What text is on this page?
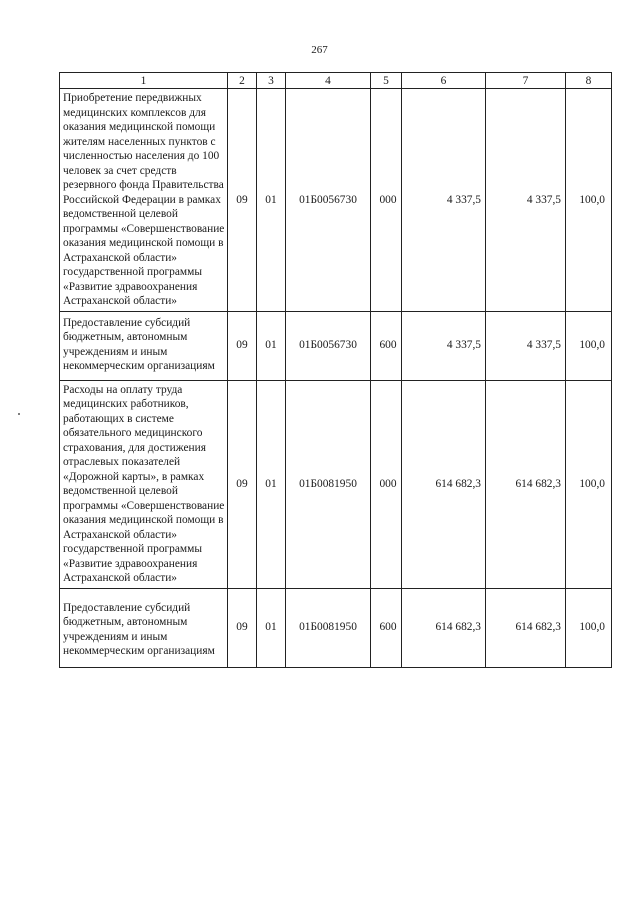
267
1	2	3	4	5	6	7	8
Приобретение передвижных медицинских комплексов для оказания медицинской помощи жителям населенных пунктов с численностью населения до 100 человек за счет средств резервного фонда Правительства Российской Федерации в рамках ведомственной целевой программы «Совершенствование оказания медицинской помощи в Астраханской области» государственной программы «Развитие здравоохранения Астраханской области»	09	01	01Б0056730	000	4 337,5	4 337,5	100,0
Предоставление субсидий бюджетным, автономным учреждениям и иным некоммерческим организациям	09	01	01Б0056730	600	4 337,5	4 337,5	100,0
Расходы на оплату труда медицинских работников, работающих в системе обязательного медицинского страхования, для достижения отраслевых показателей «Дорожной карты», в рамках ведомственной целевой программы «Совершенствование оказания медицинской помощи в Астраханской области» государственной программы «Развитие здравоохранения Астраханской области»	09	01	01Б0081950	000	614 682,3	614 682,3	100,0
Предоставление субсидий бюджетным, автономным учреждениям и иным некоммерческим организациям	09	01	01Б0081950	600	614 682,3	614 682,3	100,0
